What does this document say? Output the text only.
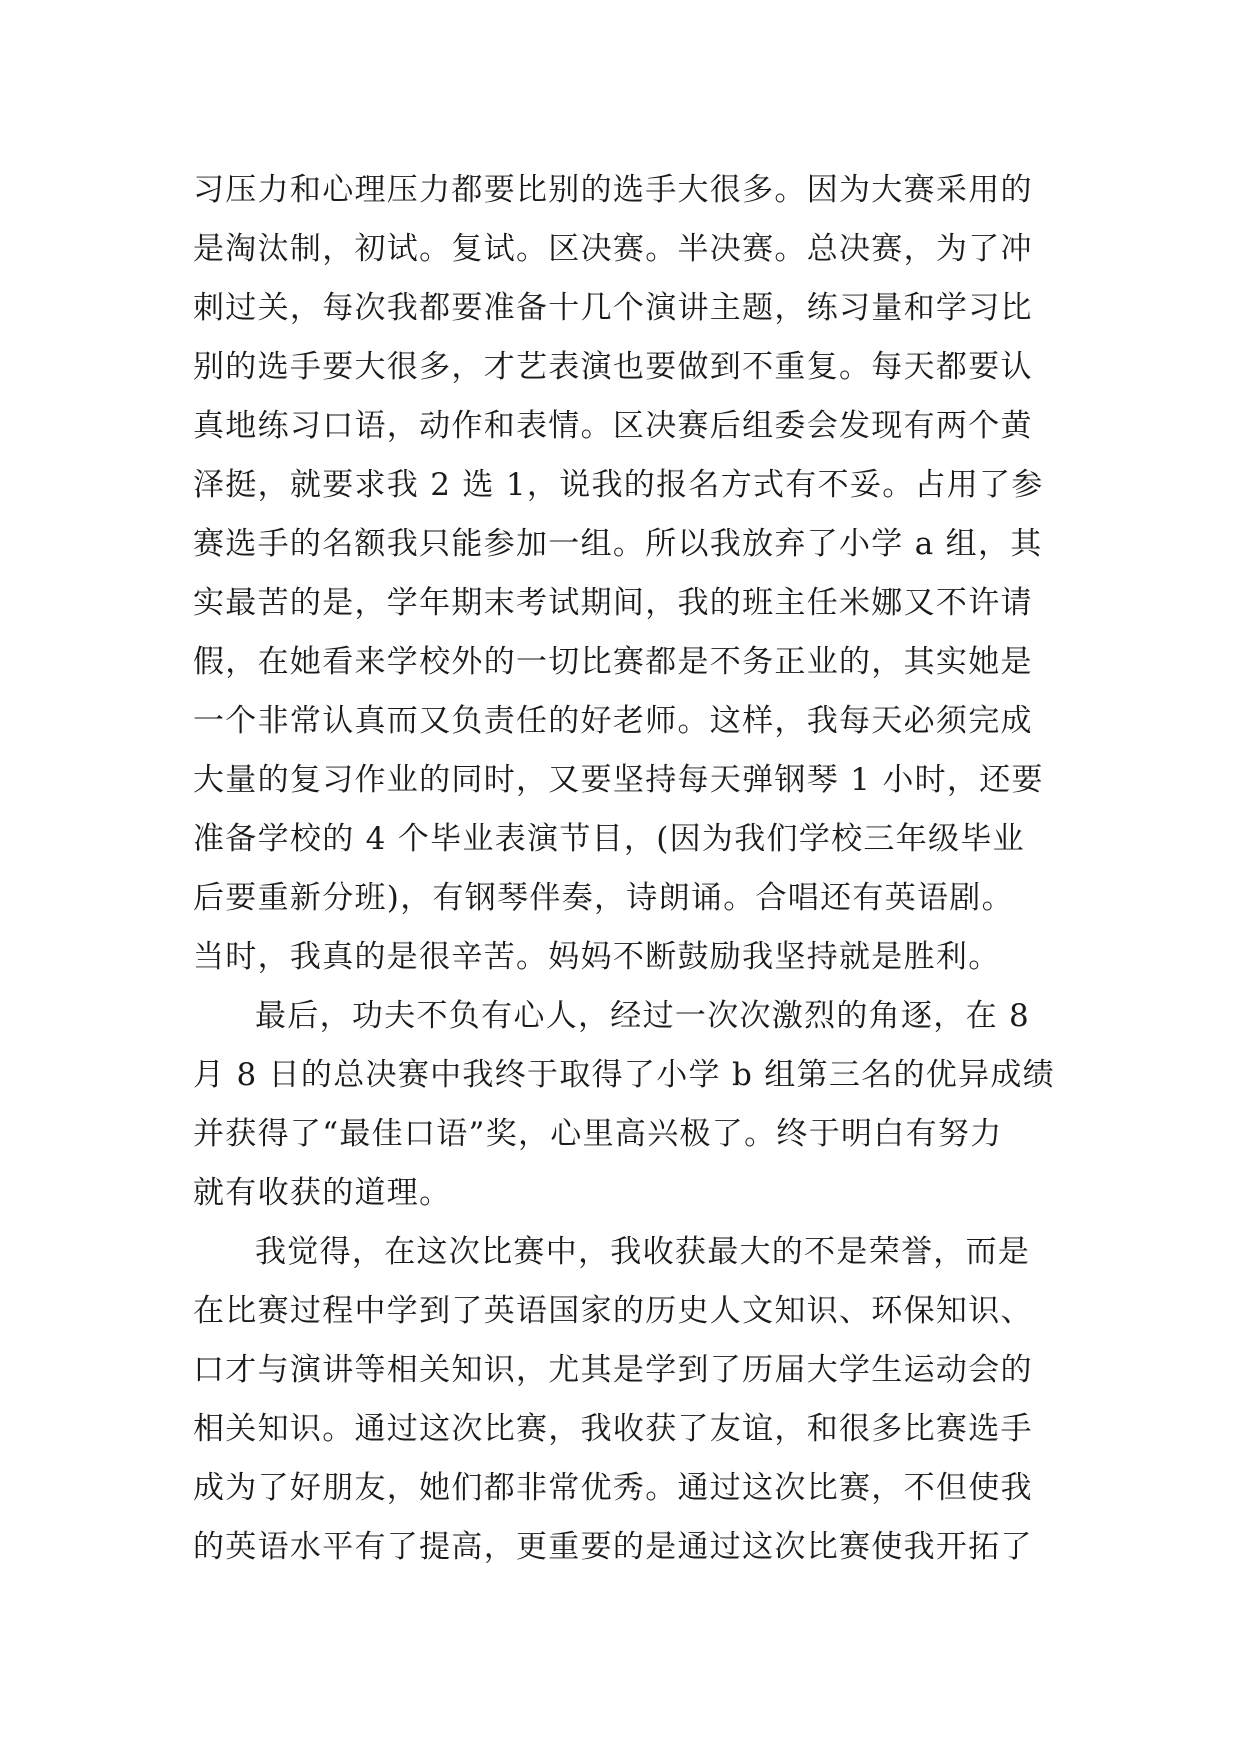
习压力和心理压力都要比别的选手大很多。因为大赛采用的
是淘汰制，初试。复试。区决赛。半决赛。总决赛，为了冲
刺过关，每次我都要准备十几个演讲主题，练习量和学习比
别的选手要大很多，才艺表演也要做到不重复。每天都要认
真地练习口语，动作和表情。区决赛后组委会发现有两个黄
泽挺，就要求我 2 选 1，说我的报名方式有不妥。占用了参
赛选手的名额我只能参加一组。所以我放弃了小学 a 组，其
实最苦的是，学年期末考试期间，我的班主任米娜又不许请
假，在她看来学校外的一切比赛都是不务正业的，其实她是
一个非常认真而又负责任的好老师。这样，我每天必须完成
大量的复习作业的同时，又要坚持每天弹钢琴 1 小时，还要
准备学校的 4 个毕业表演节目，(因为我们学校三年级毕业
后要重新分班)，有钢琴伴奏，诗朗诵。合唱还有英语剧。
当时，我真的是很辛苦。妈妈不断鼓励我坚持就是胜利。
最后，功夫不负有心人，经过一次次激烈的角逐，在 8
月 8 日的总决赛中我终于取得了小学 b 组第三名的优异成绩
并获得了“最佳口语”奖，心里高兴极了。终于明白有努力
就有收获的道理。
我觉得，在这次比赛中，我收获最大的不是荣誉，而是
在比赛过程中学到了英语国家的历史人文知识、环保知识、
口才与演讲等相关知识，尤其是学到了历届大学生运动会的
相关知识。通过这次比赛，我收获了友谊，和很多比赛选手
成为了好朋友，她们都非常优秀。通过这次比赛，不但使我
的英语水平有了提高，更重要的是通过这次比赛使我开拓了
